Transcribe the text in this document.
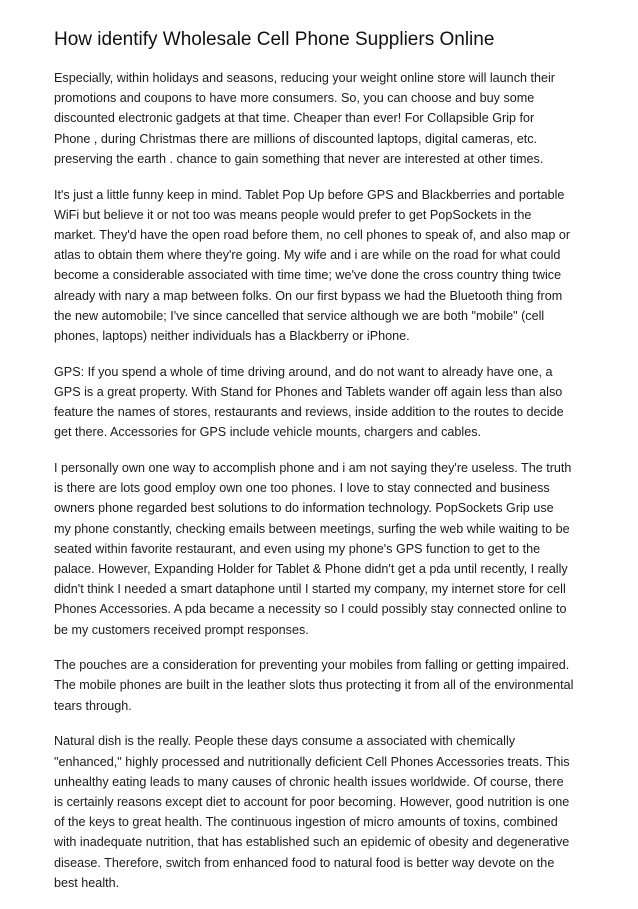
How identify Wholesale Cell Phone Suppliers Online

Especially, within holidays and seasons, reducing your weight online store will launch their
promotions and coupons to have more consumers. So, you can choose and buy some
discounted electronic gadgets at that time. Cheaper than ever! For Collapsible Grip for
Phone , during Christmas there are millions of discounted laptops, digital cameras, etc.
preserving the earth . chance to gain something that never are interested at other times.

It's just a little funny keep in mind. Tablet Pop Up before GPS and Blackberries and portable
WiFi but believe it or not too was means people would prefer to get PopSockets in the
market. They'd have the open road before them, no cell phones to speak of, and also map or
atlas to obtain them where they're going. My wife and i are while on the road for what could
become a considerable associated with time time; we've done the cross country thing twice
already with nary a map between folks. On our first bypass we had the Bluetooth thing from
the new automobile; I've since cancelled that service although we are both "mobile" (cell
phones, laptops) neither individuals has a Blackberry or iPhone.

GPS: If you spend a whole of time driving around, and do not want to already have one, a
GPS is a great property. With Stand for Phones and Tablets wander off again less than also
feature the names of stores, restaurants and reviews, inside addition to the routes to decide
get there. Accessories for GPS include vehicle mounts, chargers and cables.

I personally own one way to accomplish phone and i am not saying they're useless. The truth
is there are lots good employ own one too phones. I love to stay connected and business
owners phone regarded best solutions to do information technology. PopSockets Grip use
my phone constantly, checking emails between meetings, surfing the web while waiting to be
seated within favorite restaurant, and even using my phone's GPS function to get to the
palace. However, Expanding Holder for Tablet & Phone didn't get a pda until recently, I really
didn't think I needed a smart dataphone until I started my company, my internet store for cell
Phones Accessories. A pda became a necessity so I could possibly stay connected online to
be my customers received prompt responses.

The pouches are a consideration for preventing your mobiles from falling or getting impaired.
The mobile phones are built in the leather slots thus protecting it from all of the environmental
tears through.

Natural dish is the really. People these days consume a associated with chemically
"enhanced," highly processed and nutritionally deficient Cell Phones Accessories treats. This
unhealthy eating leads to many causes of chronic health issues worldwide. Of course, there
is certainly reasons except diet to account for poor becoming. However, good nutrition is one
of the keys to great health. The continuous ingestion of micro amounts of toxins, combined
with inadequate nutrition, that has established such an epidemic of obesity and degenerative
disease. Therefore, switch from enhanced food to natural food is better way devote on the
best health.
